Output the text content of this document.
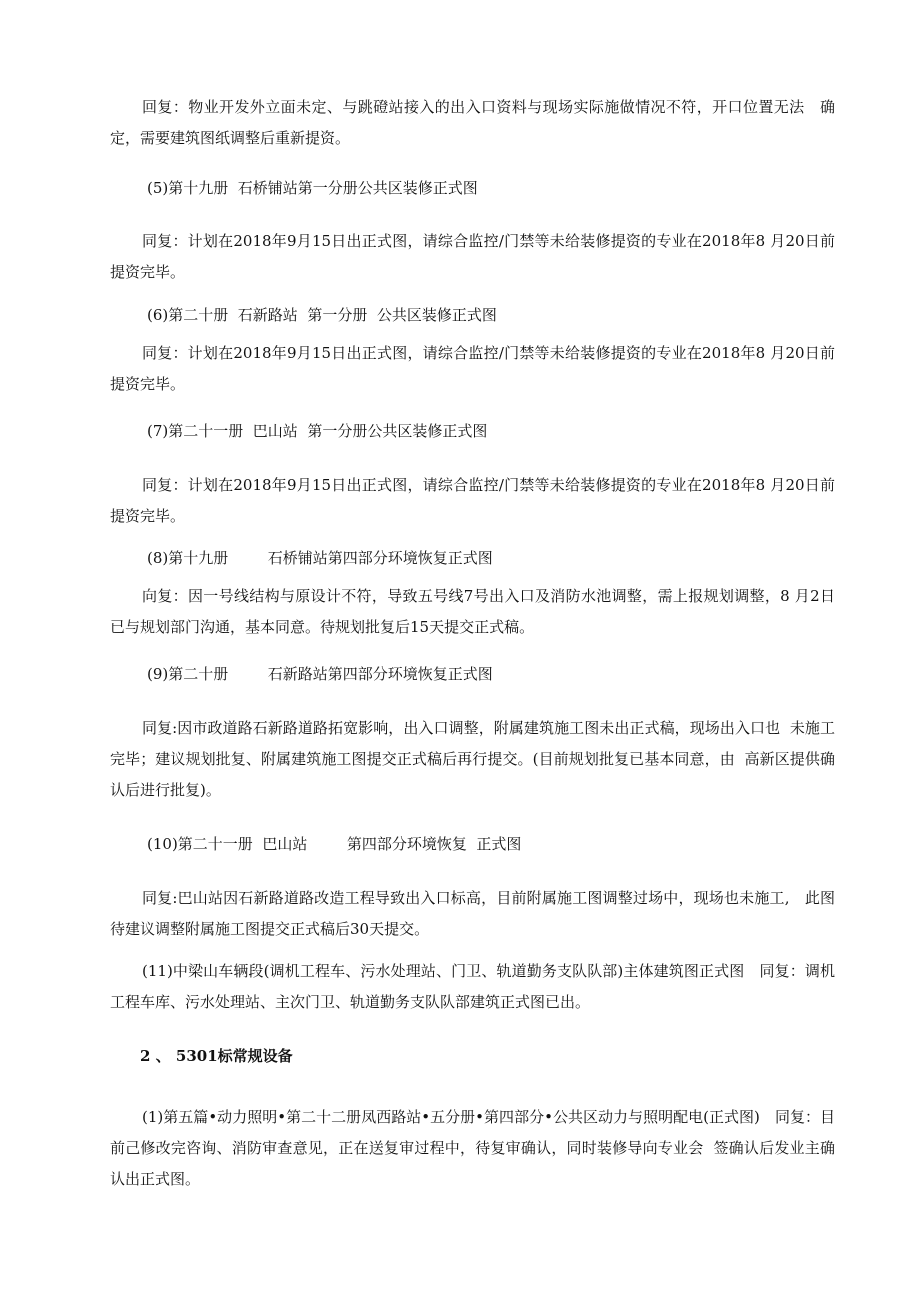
回复：物业开发外立面未定、与跳磴站接入的出入口资料与现场实际施做情况不符，开口位置无法　确定，需要建筑图纸调整后重新提资。
(5)第十九册  石桥铺站第一分册公共区装修正式图
同复：计划在2018年9月15日出正式图，请综合监控/门禁等未给装修提资的专业在2018年8 月20日前提资完毕。
(6)第二十册  石新路站  第一分册  公共区装修正式图
同复：计划在2018年9月15日出正式图，请综合监控/门禁等未给装修提资的专业在2018年8 月20日前提资完毕。
(7)第二十一册  巴山站  第一分册公共区装修正式图
同复：计划在2018年9月15日出正式图，请综合监控/门禁等未给装修提资的专业在2018年8 月20日前提资完毕。
(8)第十九册　　  石桥铺站第四部分环境恢复正式图
向复：因一号线结构与原设计不符，导致五号线7号出入口及消防水池调整，需上报规划调整，8 月2日已与规划部门沟通，基本同意。待规划批复后15天提交正式稿。
(9)第二十册　　  石新路站第四部分环境恢复正式图
同复:因市政道路石新路道路拓宽影响，出入口调整，附属建筑施工图未出正式稿，现场出入口也  未施工完毕；建议规划批复、附属建筑施工图提交正式稿后再行提交。(目前规划批复已基本同意，由  高新区提供确认后进行批复)。
(10)第二十一册  巴山站　　  第四部分环境恢复  正式图
同复:巴山站因石新路道路改造工程导致出入口标高，目前附属施工图调整过场中，现场也未施工,　此图待建议调整附属施工图提交正式稿后30天提交。
(11)中梁山车辆段(调机工程车、污水处理站、门卫、轨道勤务支队队部)主体建筑图正式图　同复：调机工程车库、污水处理站、主次门卫、轨道勤务支队队部建筑正式图已出。
2 、 5301标常规设备
(1)第五篇•动力照明•第二十二册凤西路站•五分册•第四部分•公共区动力与照明配电(正式图)　同复：目前己修改完咨询、消防审查意见，正在送复审过程中，待复审确认，同时装修导向专业会  签确认后发业主确认出正式图。
